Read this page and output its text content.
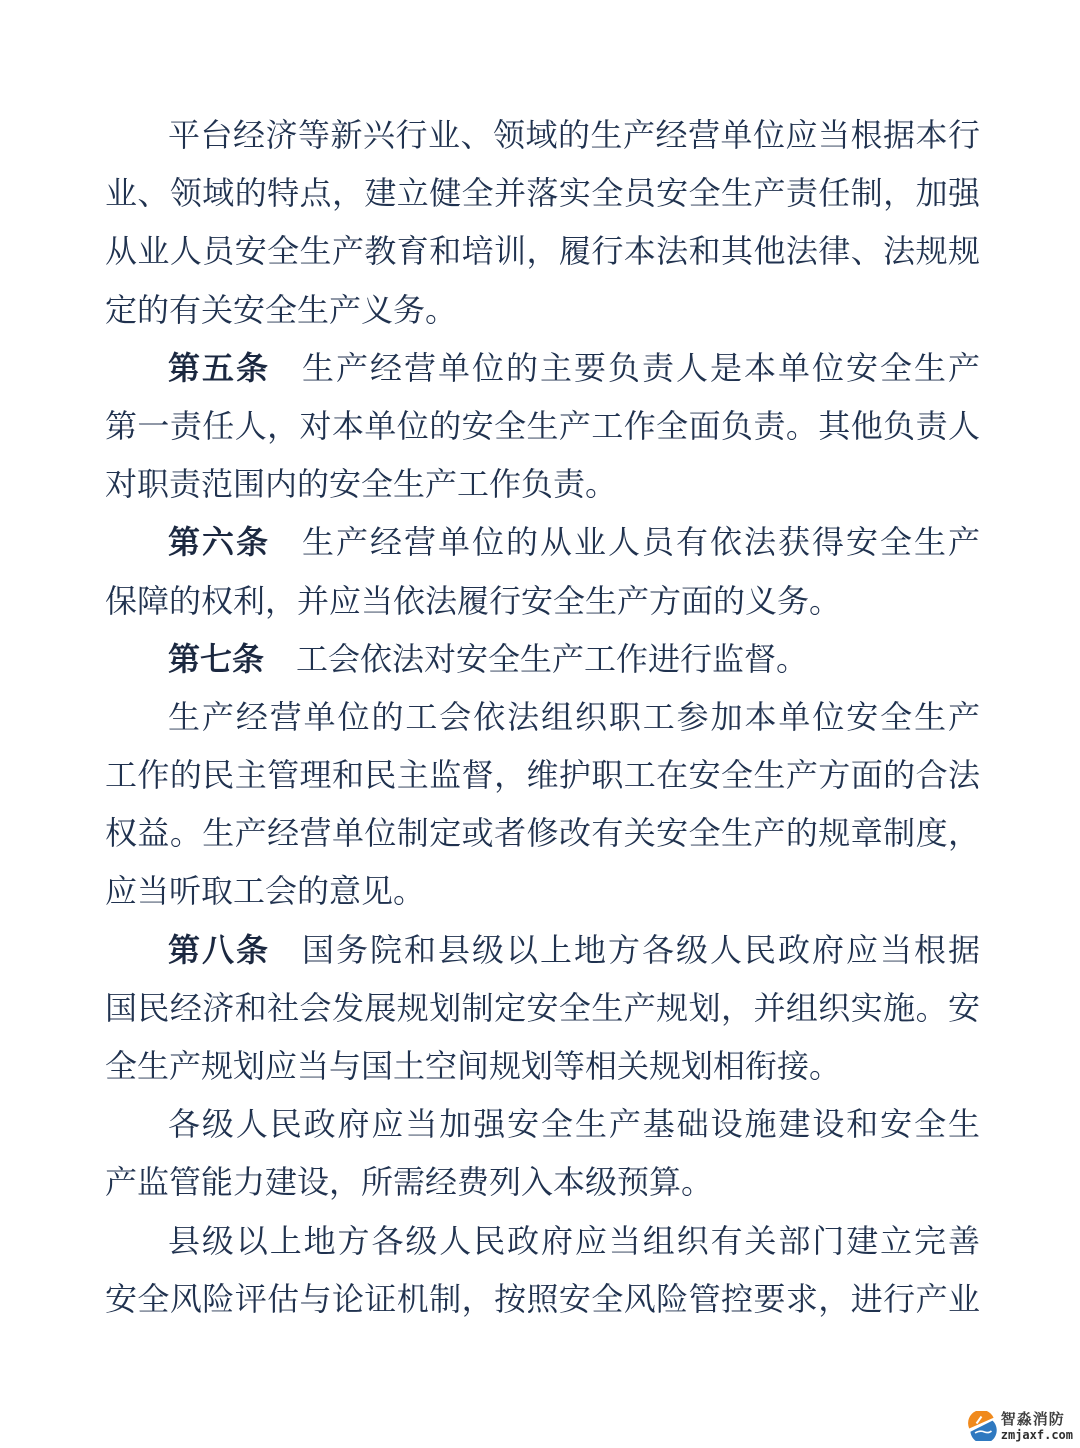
平台经济等新兴行业、领域的生产经营单位应当根据本行
业、领域的特点，建立健全并落实全员安全生产责任制，加强
从业人员安全生产教育和培训，履行本法和其他法律、法规规
定的有关安全生产义务。
第五条 生产经营单位的主要负责人是本单位安全生产
第一责任人，对本单位的安全生产工作全面负责。其他负责人
对职责范围内的安全生产工作负责。
第六条 生产经营单位的从业人员有依法获得安全生产
保障的权利，并应当依法履行安全生产方面的义务。
第七条 工会依法对安全生产工作进行监督。
生产经营单位的工会依法组织职工参加本单位安全生产
工作的民主管理和民主监督，维护职工在安全生产方面的合法
权益。生产经营单位制定或者修改有关安全生产的规章制度，
应当听取工会的意见。
第八条 国务院和县级以上地方各级人民政府应当根据
国民经济和社会发展规划制定安全生产规划，并组织实施。安
全生产规划应当与国土空间规划等相关规划相衔接。
各级人民政府应当加强安全生产基础设施建设和安全生
产监管能力建设，所需经费列入本级预算。
县级以上地方各级人民政府应当组织有关部门建立完善
安全风险评估与论证机制，按照安全风险管控要求，进行产业
智淼消防
zmjaxf.com
